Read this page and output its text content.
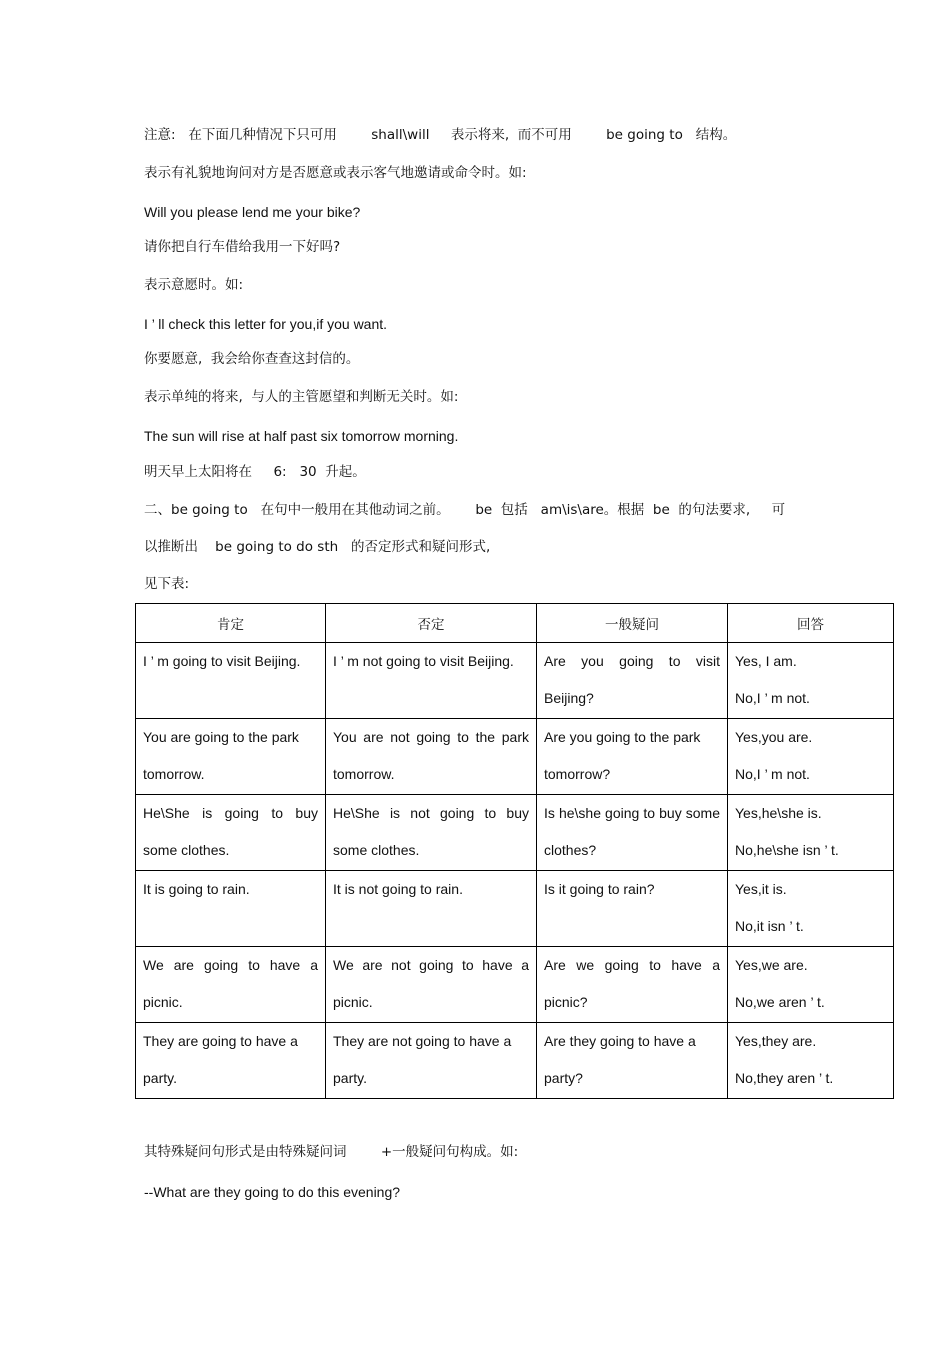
注意:   在下面几种情况下只可用        shall\will     表示将来,  而不可用        be going to   结构。
表示有礼貌地询问对方是否愿意或表示客气地邀请或命令时。如:
Will you please lend me your bike?
请你把自行车借给我用一下好吗?
表示意愿时。如:
I ’ ll check this letter for you,if you want.
你要愿意,  我会给你查查这封信的。
表示单纯的将来,  与人的主管愿望和判断无关时。如:
The sun will rise at half past six tomorrow morning.
明天早上太阳将在     6:   30  升起。
二、be going to   在句中一般用在其他动词之前。      be  包括   am\is\are。根据  be  的句法要求,     可
以推断出    be going to do sth   的否定形式和疑问形式,
见下表:
肯定	否定	一般疑问	回答
I ’ m going to visit Beijing.	I ’ m not going to visit Beijing.	Are you going to visit Beijing?	Yes, I am.
No,I ’ m not.

You are going to the park tomorrow.	You are not going to the park tomorrow.	Are you going to the park tomorrow?	Yes,you are.
No,I ’ m not.

He\She is going to buy some clothes.	He\She is not going to buy some clothes.	Is he\she going to buy some clothes?	Yes,he\she is.
No,he\she isn ’ t.

It is going to rain.	It is not going to rain.	Is it going to rain?	Yes,it is.
No,it isn ’ t.

We are going to have a picnic.	We are not going to have a picnic.	Are we going to have a picnic?	Yes,we are.
No,we aren ’ t.

They are going to have a party.	They are not going to have a party.	Are they going to have a party?	Yes,they are.
No,they aren ’ t.
其特殊疑问句形式是由特殊疑问词        +一般疑问句构成。如:
--What are they going to do this evening?
